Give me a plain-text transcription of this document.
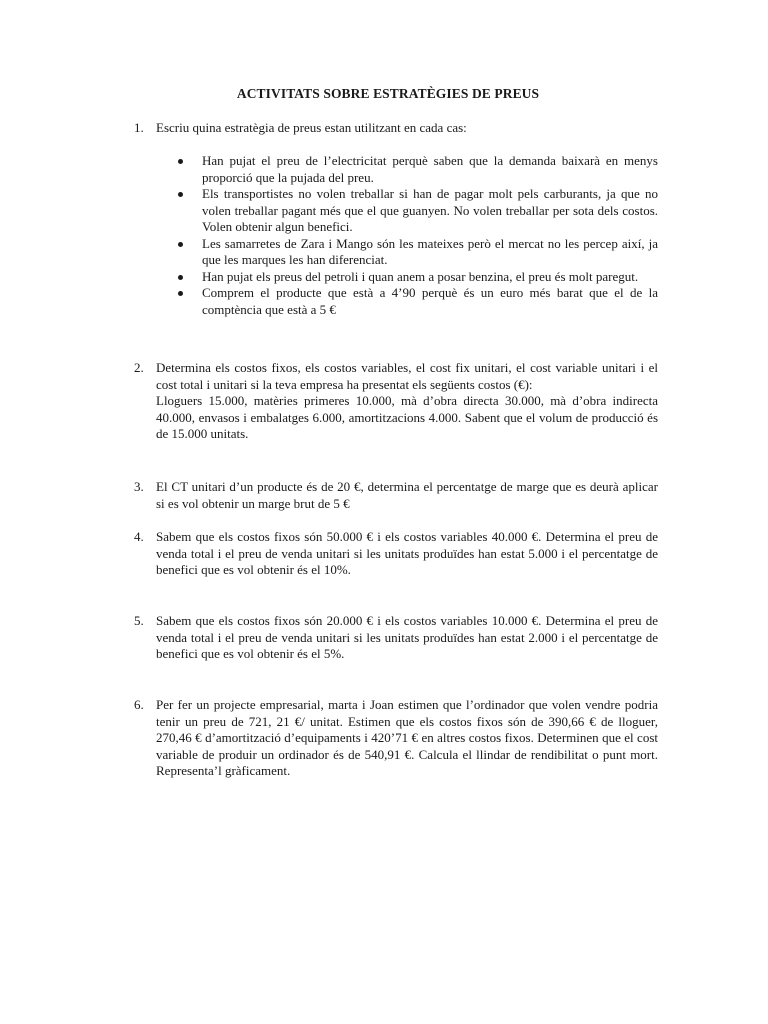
ACTIVITATS SOBRE ESTRATÈGIES DE PREUS
1. Escriu quina estratègia de preus estan utilitzant en cada cas:

Han pujat el preu de l’electricitat perquè saben que la demanda baixarà en menys proporció que la pujada del preu.
Els transportistes no volen treballar si han de pagar molt pels carburants, ja que no volen treballar pagant més que el que guanyen. No volen treballar per sota dels costos. Volen obtenir algun benefici.
Les samarretes de Zara i Mango són les mateixes però el mercat no les percep així, ja que les marques les han diferenciat.
Han pujat els preus del petroli i quan anem a posar benzina, el preu és molt paregut.
Comprem el producte que està a 4’90 perquè és un euro més barat que el de la comptència que està a 5 €
2. Determina els costos fixos, els costos variables, el cost fix unitari, el cost variable unitari i el cost total i unitari si la teva empresa ha presentat els següents costos (€):

Lloguers 15.000, matèries primeres 10.000, mà d’obra directa 30.000, mà d’obra indirecta 40.000, envasos i embalatges 6.000, amortitzacions 4.000. Sabent que el volum de producció és de 15.000 unitats.

3. El CT unitari d’un producte és de 20 €, determina el percentatge de marge que es deurà aplicar si es vol obtenir un marge brut de 5 €

4. Sabem que els costos fixos són 50.000 € i els costos variables 40.000 €. Determina el preu de venda total i el preu de venda unitari si les unitats produïdes han estat 5.000 i el percentatge de benefici que es vol obtenir és el 10%.

5. Sabem que els costos fixos són 20.000 € i els costos variables 10.000 €. Determina el preu de venda total i el preu de venda unitari si les unitats produïdes han estat 2.000 i el percentatge de benefici que es vol obtenir és el 5%.

6. Per fer un projecte empresarial, marta i Joan estimen que l’ordinador que volen vendre podria tenir un preu de 721, 21 €/ unitat. Estimen que els costos fixos són de 390,66 € de lloguer, 270,46 € d’amortització d’equipaments i 420’71 € en altres costos fixos. Determinen que el cost variable de produir un ordinador és de 540,91 €. Calcula el llindar de rendibilitat o punt mort. Representa’l gràficament.
